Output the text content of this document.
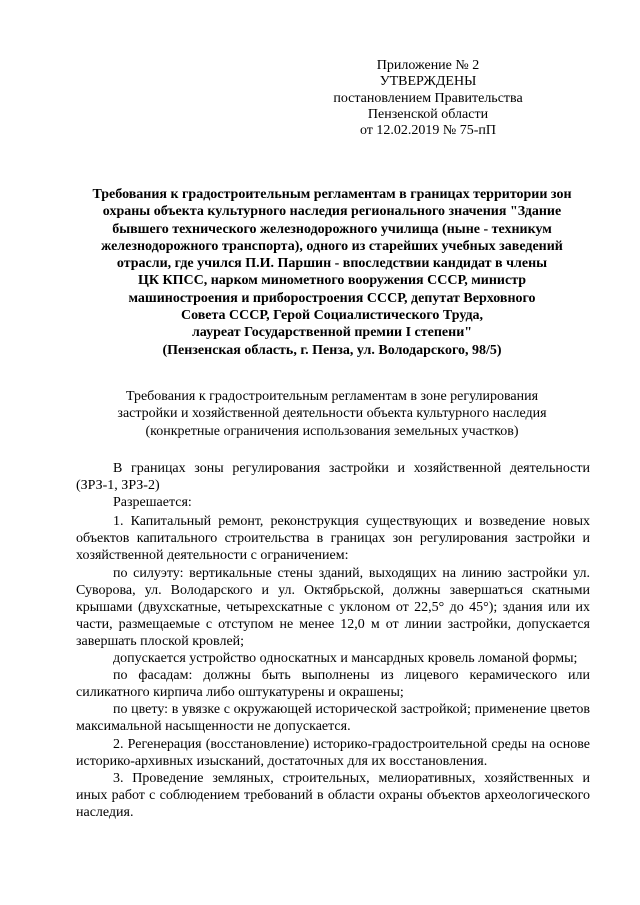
Приложение № 2
УТВЕРЖДЕНЫ
постановлением Правительства
Пензенской области
от 12.02.2019 № 75-пП
Требования к градостроительным регламентам в границах территории зон
охраны объекта культурного наследия регионального значения "Здание
бывшего технического железнодорожного училища (ныне - техникум
железнодорожного транспорта), одного из старейших учебных заведений
отрасли, где учился П.И. Паршин - впоследствии кандидат в члены
ЦК КПСС, нарком минометного вооружения СССР, министр
машиностроения и приборостроения СССР, депутат Верховного
Совета СССР, Герой Социалистического Труда,
лауреат Государственной премии I степени"
(Пензенская область, г. Пенза, ул. Володарского, 98/5)
Требования к градостроительным регламентам в зоне регулирования
застройки и хозяйственной деятельности объекта культурного наследия
(конкретные ограничения использования земельных участков)

В границах зоны регулирования застройки и хозяйственной деятельности (ЗРЗ-1, ЗРЗ-2)

Разрешается:

1. Капитальный ремонт, реконструкция существующих и возведение новых объектов капитального строительства в границах зон регулирования застройки и хозяйственной деятельности с ограничением:

по силуэту: вертикальные стены зданий, выходящих на линию застройки ул. Суворова, ул. Володарского и ул. Октябрьской, должны завершаться скатными крышами (двухскатные, четырехскатные с уклоном от 22,5° до 45°); здания или их части, размещаемые с отступом не менее 12,0 м от линии застройки, допускается завершать плоской кровлей;

допускается устройство односкатных и мансардных кровель ломаной формы;

по фасадам: должны быть выполнены из лицевого керамического или силикатного кирпича либо оштукатурены и окрашены;

по цвету: в увязке с окружающей исторической застройкой; применение цветов максимальной насыщенности не допускается.

2. Регенерация (восстановление) историко-градостроительной среды на основе историко-архивных изысканий, достаточных для их восстановления.

3. Проведение земляных, строительных, мелиоративных, хозяйственных и иных работ с соблюдением требований в области охраны объектов археологического наследия.
